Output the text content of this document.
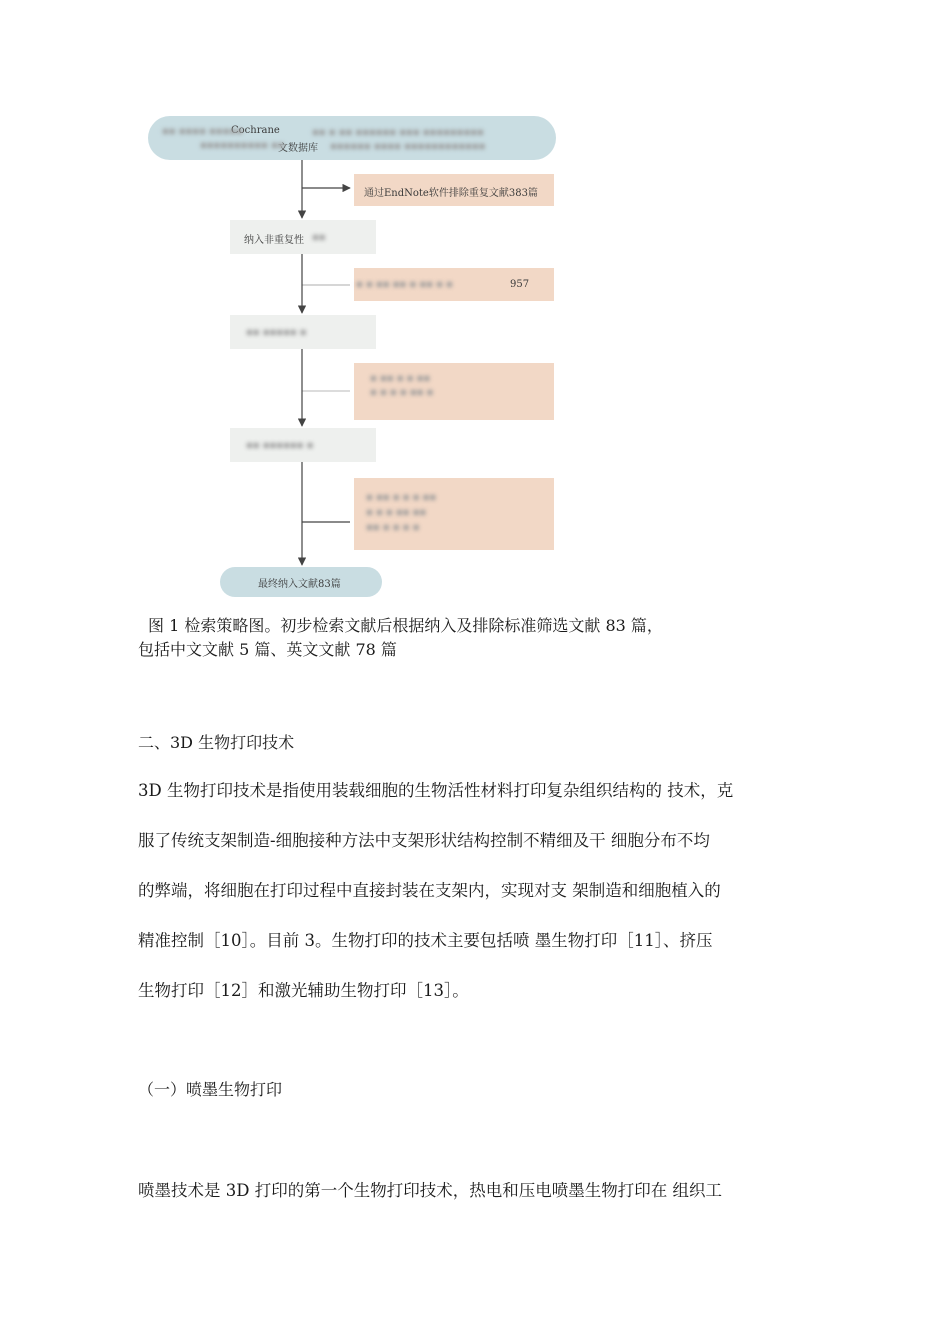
Cochrane
文数据库
▪▪ ▪▪▪▪ ▪▪▪▪▪
▪▪▪▪▪▪▪▪▪▪ ▪▪
▪▪ ▪ ▪▪ ▪▪▪▪▪▪ ▪▪▪ ▪▪▪▪▪▪▪▪▪
▪▪▪▪▪▪ ▪▪▪▪ ▪▪▪▪▪▪▪▪▪▪▪▪
通过EndNote软件排除重复文献383篇
纳入非重复性 ▪▪
▪ ▪ ▪▪ ▪▪ ▪ ▪▪ ▪ ▪	957
▪▪ ▪▪▪▪▪ ▪
▪ ▪▪ ▪ ▪ ▪▪
▪ ▪ ▪ ▪ ▪▪ ▪
▪▪ ▪▪▪▪▪▪ ▪
▪ ▪▪ ▪ ▪ ▪ ▪▪
▪ ▪ ▪ ▪▪ ▪▪
▪▪ ▪ ▪ ▪ ▪
最终纳入文献83篇
图 1 检索策略图。初步检索文献后根据纳入及排除标准筛选文献 83 篇，
包括中文文献 5 篇、英文文献 78 篇
二、3D 生物打印技术
3D 生物打印技术是指使用装载细胞的生物活性材料打印复杂组织结构的 技术，克
服了传统支架制造-细胞接种方法中支架形状结构控制不精细及干 细胞分布不均
的弊端，将细胞在打印过程中直接封装在支架内，实现对支 架制造和细胞植入的
精准控制［10］。目前 3。生物打印的技术主要包括喷 墨生物打印［11］、挤压
生物打印［12］和激光辅助生物打印［13］。
（一）喷墨生物打印
喷墨技术是 3D 打印的第一个生物打印技术，热电和压电喷墨生物打印在 组织工
